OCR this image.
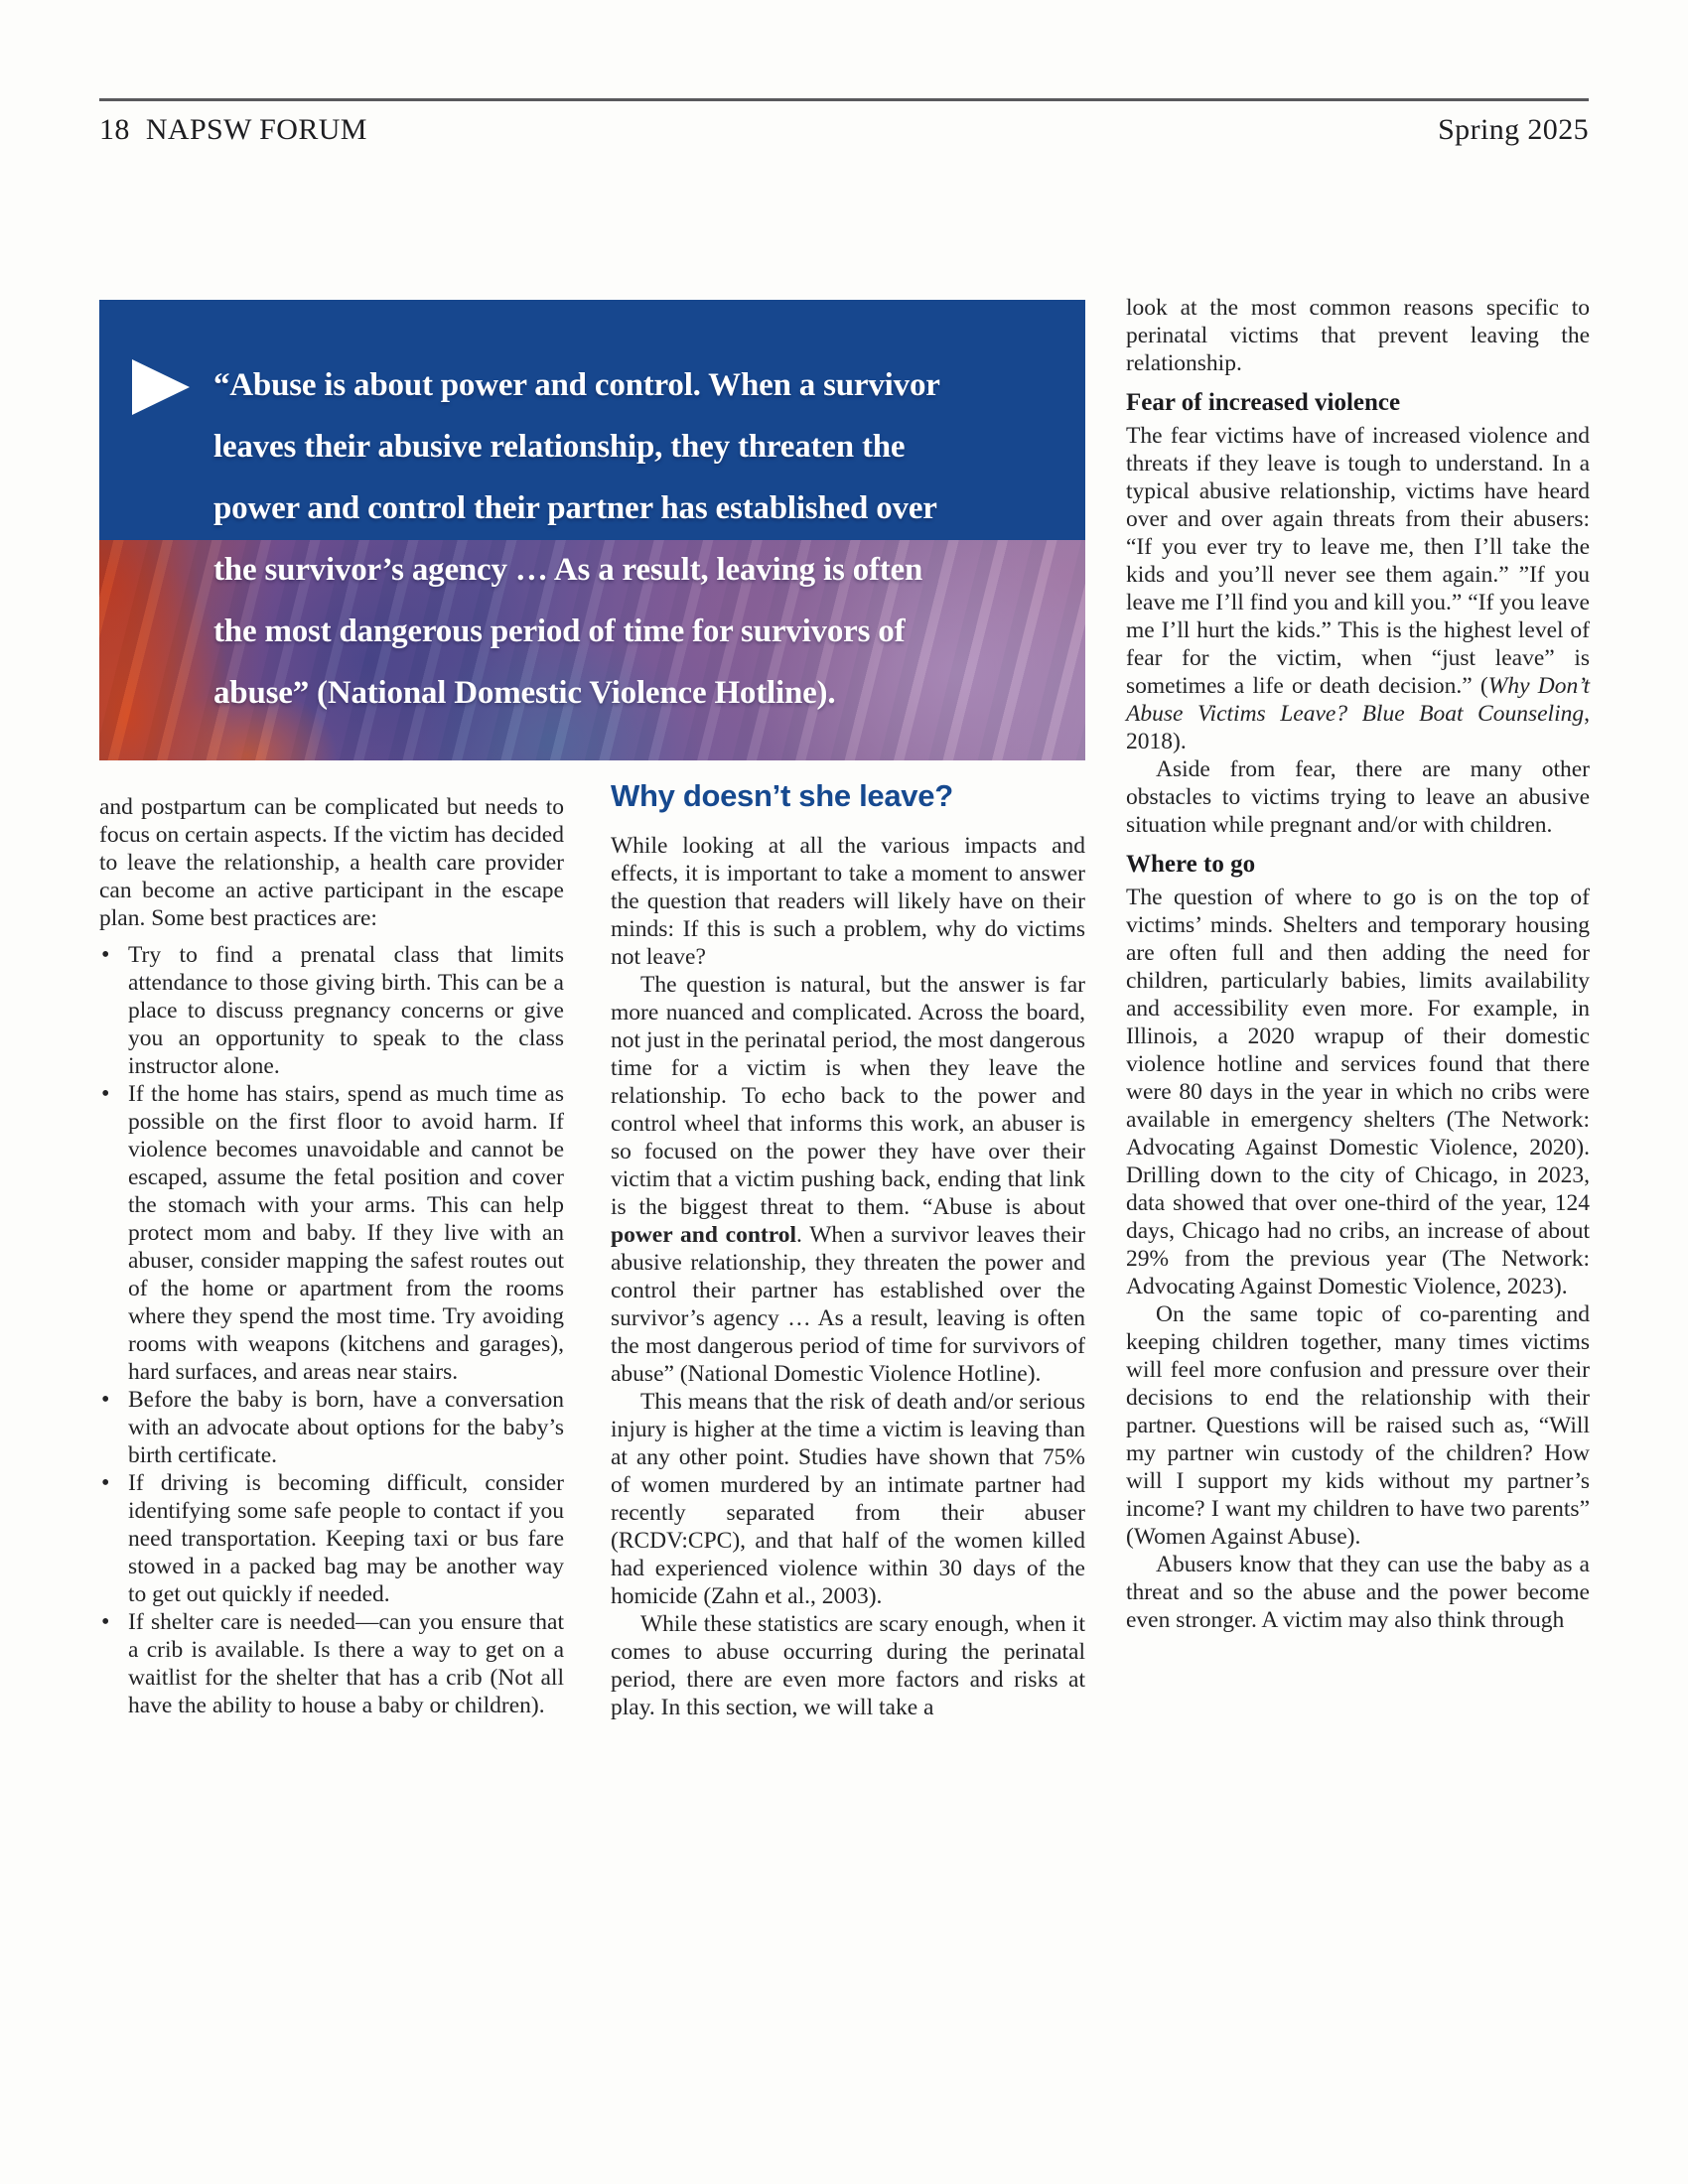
18 NAPSW FORUM	Spring 2025
“Abuse is about power and control. When a survivor
leaves their abusive relationship, they threaten the
power and control their partner has established over
the survivor’s agency … As a result, leaving is often
the most dangerous period of time for survivors of
abuse” (National Domestic Violence Hotline).

and postpartum can be complicated but needs to focus on certain aspects. If the victim has decided to leave the relationship, a health care provider can become an active participant in the escape plan. Some best practices are:

•
Try to find a prenatal class that limits attendance to those giving birth. This can be a place to discuss pregnancy concerns or give you an opportunity to speak to the class instructor alone.
•
If the home has stairs, spend as much time as possible on the first floor to avoid harm. If violence becomes unavoidable and cannot be escaped, assume the fetal position and cover the stomach with your arms. This can help protect mom and baby. If they live with an abuser, consider mapping the safest routes out of the home or apartment from the rooms where they spend the most time. Try avoiding rooms with weapons (kitchens and garages), hard surfaces, and areas near stairs.
•
Before the baby is born, have a conversation with an advocate about options for the baby’s birth certificate.
•
If driving is becoming difficult, consider identifying some safe people to contact if you need transportation. Keeping taxi or bus fare stowed in a packed bag may be another way to get out quickly if needed.
•
If shelter care is needed—can you ensure that a crib is available. Is there a way to get on a waitlist for the shelter that has a crib (Not all have the ability to house a baby or children).
Why doesn’t she leave?

While looking at all the various impacts and effects, it is important to take a moment to answer the question that readers will likely have on their minds: If this is such a problem, why do victims not leave?

The question is natural, but the answer is far more nuanced and complicated. Across the board, not just in the perinatal period, the most dangerous time for a victim is when they leave the relationship. To echo back to the power and control wheel that informs this work, an abuser is so focused on the power they have over their victim that a victim pushing back, ending that link is the biggest threat to them. “Abuse is about power and control. When a survivor leaves their abusive relationship, they threaten the power and control their partner has established over the survivor’s agency … As a result, leaving is often the most dangerous period of time for survivors of abuse” (National Domestic Violence Hotline).

This means that the risk of death and/or serious injury is higher at the time a victim is leaving than at any other point. Studies have shown that 75% of women murdered by an intimate partner had recently separated from their abuser (RCDV:CPC), and that half of the women killed had experienced violence within 30 days of the homicide (Zahn et al., 2003).

While these statistics are scary enough, when it comes to abuse occurring during the perinatal period, there are even more factors and risks at play. In this section, we will take a

look at the most common reasons specific to perinatal victims that prevent leaving the relationship.

Fear of increased violence

The fear victims have of increased violence and threats if they leave is tough to understand. In a typical abusive relationship, victims have heard over and over again threats from their abusers: “If you ever try to leave me, then I’ll take the kids and you’ll never see them again.” ”If you leave me I’ll find you and kill you.” “If you leave me I’ll hurt the kids.” This is the highest level of fear for the victim, when “just leave” is sometimes a life or death decision.” (Why Don’t Abuse Victims Leave? Blue Boat Counseling, 2018).

Aside from fear, there are many other obstacles to victims trying to leave an abusive situation while pregnant and/or with children.

Where to go

The question of where to go is on the top of victims’ minds. Shelters and temporary housing are often full and then adding the need for children, particularly babies, limits availability and accessibility even more. For example, in Illinois, a 2020 wrapup of their domestic violence hotline and services found that there were 80 days in the year in which no cribs were available in emergency shelters (The Network: Advocating Against Domestic Violence, 2020). Drilling down to the city of Chicago, in 2023, data showed that over one-third of the year, 124 days, Chicago had no cribs, an increase of about 29% from the previous year (The Network: Advocating Against Domestic Violence, 2023).

On the same topic of co-parenting and keeping children together, many times victims will feel more confusion and pressure over their decisions to end the relationship with their partner. Questions will be raised such as, “Will my partner win custody of the children? How will I support my kids without my partner’s income? I want my children to have two parents” (Women Against Abuse).

Abusers know that they can use the baby as a threat and so the abuse and the power become even stronger. A victim may also think through
